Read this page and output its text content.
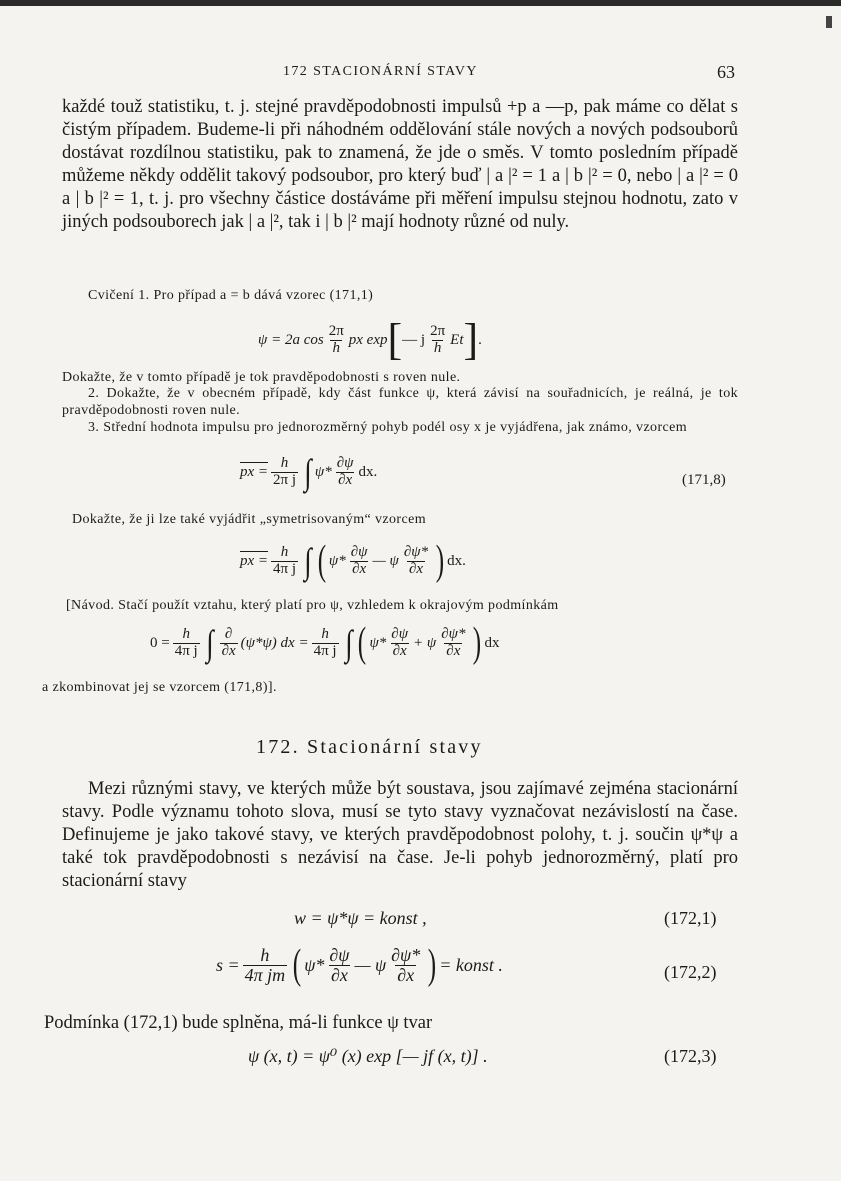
172 STACIONÁRNÍ STAVY	63

každé touž statistiku, t. j. stejné pravděpodobnosti impulsů +p a —p, pak máme co dělat s čistým případem. Budeme-li při náhodném oddělování stále nových a nových podsouborů dostávat rozdílnou statistiku, pak to znamená, že jde o směs. V tomto posledním případě můžeme někdy oddělit takový podsoubor, pro který buď | a |² = 1 a | b |² = 0, nebo | a |² = 0 a | b |² = 1, t. j. pro všechny částice dostáváme při měření impulsu stejnou hodnotu, zato v jiných podsouborech jak | a |², tak i | b |² mají hodnoty různé od nuly.

Cvičení 1. Pro případ a = b dává vzorec (171,1)

ψ = 2a $\cos \frac{2\pi}{h}$ px exp [ — j $\frac{2\pi}{h}$ Et ] .

Dokažte, že v tomto případě je tok pravděpodobnosti s roven nule.

2. Dokažte, že v obecném případě, kdy část funkce ψ, která závisí na souřadnicích, je reálná, je tok pravděpodobnosti roven nule.

3. Střední hodnota impulsu pro jednorozměrný pohyb podél osy x je vyjádřena, jak známo, vzorcem

px = $\frac{h}{\text{2π j}}$ ∫ $\psi* \frac{\partial\psi}{\partial x}$ dx.
(171,8)

Dokažte, že ji lze také vyjádřit „symetrisovaným“ vzorcem

px = $\frac{h}{\text{4π j}}$ ∫ ( $\psi* \frac{\partial\psi}{\partial x}$ — ψ $\frac{\partial\psi*}{\partial x}$ ) dx.

[Návod. Stačí použít vztahu, který platí pro ψ, vzhledem k okrajovým podmínkám

$0 = \frac{h}{\text{4π j}}$ ∫ $\frac{\partial}{\partial x} (\psi*\psi)$ dx = $\frac{h}{\text{4π j}}$ ∫ ( $\psi* \frac{\partial\psi}{\partial x} + \psi \frac{\partial\psi*}{\partial x}$ ) dx

a zkombinovat jej se vzorcem (171,8)].

172. Stacionární stavy

Mezi různými stavy, ve kterých může být soustava, jsou zajímavé zejména stacionární stavy. Podle významu tohoto slova, musí se tyto stavy vyznačovat nezávislostí na čase. Definujeme je jako takové stavy, ve kterých pravděpodobnost polohy, t. j. součin ψ*ψ a také tok pravděpodobnosti s nezávisí na čase. Je-li pohyb jednorozměrný, platí pro stacionární stavy

w = ψ*ψ = konst ,	(172,1)
$s = \frac{h}{\text{4π jm}}$ ( $\psi* \frac{\partial\psi}{\partial x}$ — ψ $\frac{\partial\psi*}{\partial x}$ ) = konst .	(172,2)

Podmínka (172,1) bude splněna, má-li funkce ψ tvar

ψ (x, t) = ψ⁰ (x) exp [— jf (x, t)] .	(172,3)
